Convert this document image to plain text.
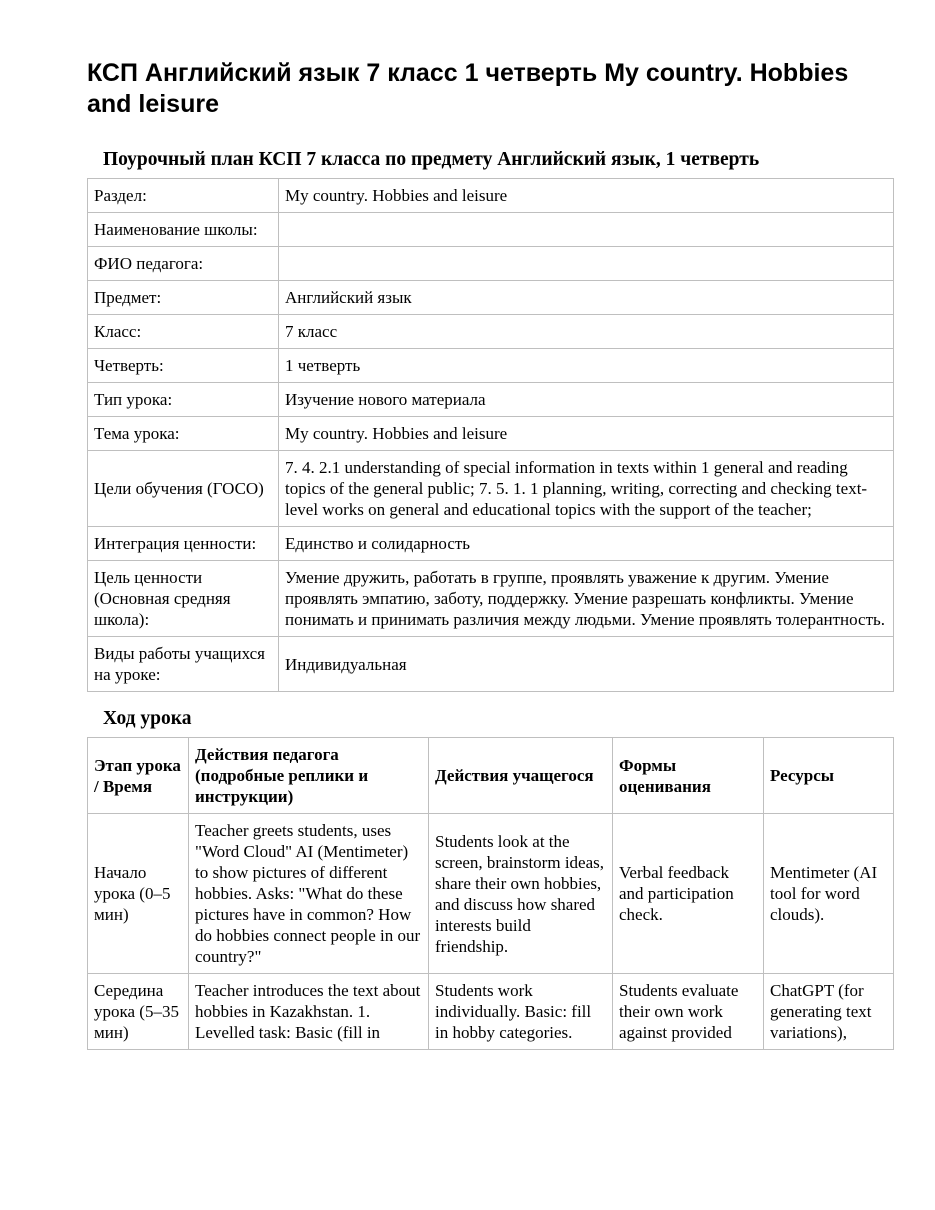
КСП Английский язык 7 класс 1 четверть My country. Hobbies and leisure
Поурочный план КСП 7 класса по предмету Английский язык, 1 четверть
Раздел:	My country. Hobbies and leisure
Наименование школы:	
ФИО педагога:	
Предмет:	Английский язык
Класс:	7 класс
Четверть:	1 четверть
Тип урока:	Изучение нового материала
Тема урока:	My country. Hobbies and leisure
Цели обучения (ГОСО)	7. 4. 2.1 understanding of special information in texts within 1 general and reading topics of the general public; 7. 5. 1. 1 planning, writing, correcting and checking text-level works on general and educational topics with the support of the teacher;
Интеграция ценности:	Единство и солидарность
Цель ценности (Основная средняя школа):	Умение дружить, работать в группе, проявлять уважение к другим. Умение проявлять эмпатию, заботу, поддержку. Умение разрешать конфликты. Умение понимать и принимать различия между людьми. Умение проявлять толерантность.
Виды работы учащихся на уроке:	Индивидуальная
Ход урока
Этап урока / Время	Действия педагога (подробные реплики и инструкции)	Действия учащегося	Формы оценивания	Ресурсы
Начало урока (0–5 мин)	Teacher greets students, uses "Word Cloud" AI (Mentimeter) to show pictures of different hobbies. Asks: "What do these pictures have in common? How do hobbies connect people in our country?"	Students look at the screen, brainstorm ideas, share their own hobbies, and discuss how shared interests build friendship.	Verbal feedback and participation check.	Mentimeter (AI tool for word clouds).
Середина урока (5–35 мин)	Teacher introduces the text about hobbies in Kazakhstan. 1. Levelled task: Basic (fill in	Students work individually. Basic: fill in hobby categories.	Students evaluate their own work against provided	ChatGPT (for generating text variations),
